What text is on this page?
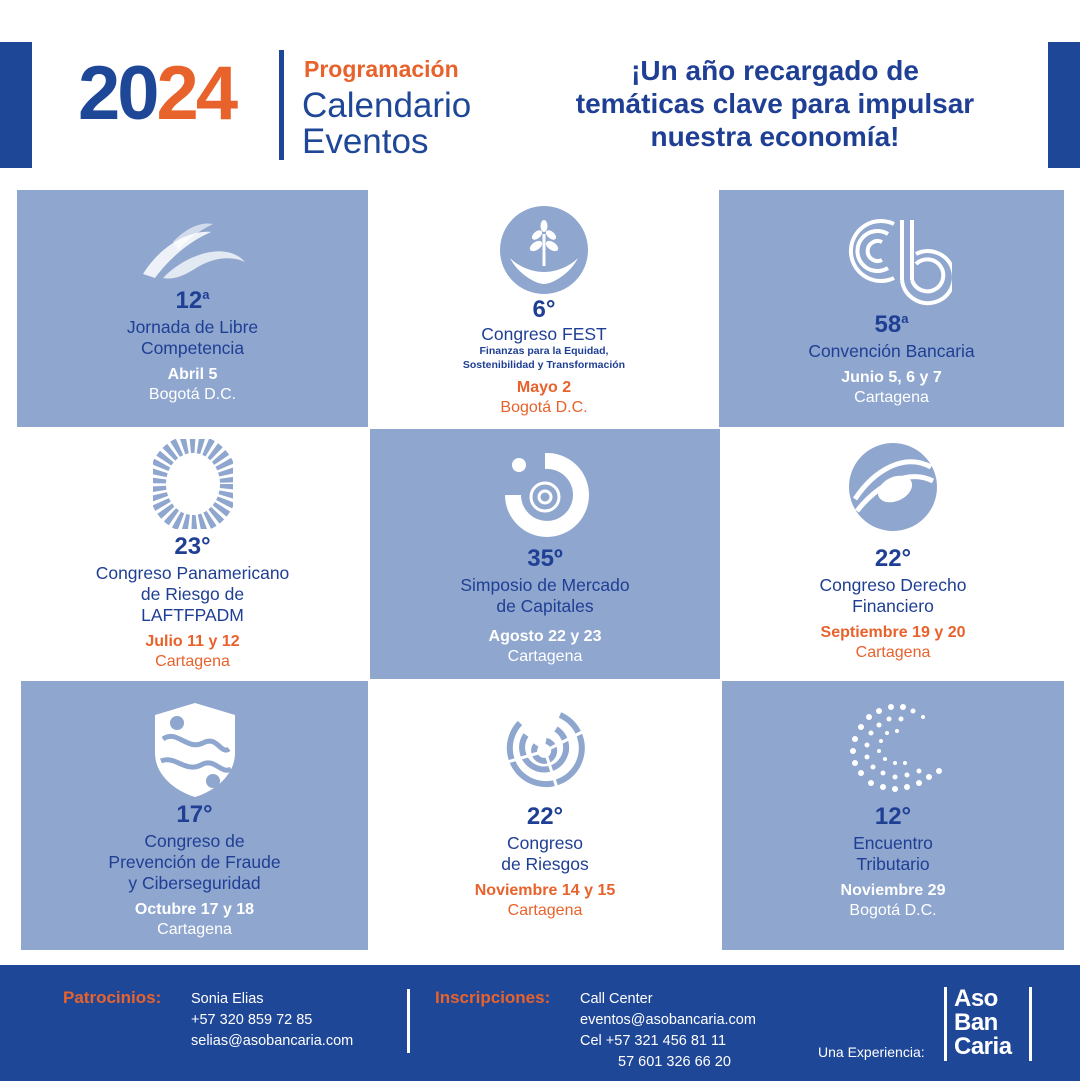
2024	Programación
Calendario
Eventos
¡Un año recargado de
temáticas clave para impulsar
nuestra economía!
12$^a$
Jornada de Libre
Competencia
Abril 5
Bogotá D.C.
6°
Congreso FEST
Finanzas para la Equidad,
Sostenibilidad y Transformación
Mayo 2
Bogotá D.C.
58$^a$
Convención Bancaria
Junio 5, 6 y 7
Cartagena
23°
Congreso Panamericano
de Riesgo de
LAFTFPADM
Julio 11 y 12
Cartagena
35º
Simposio de Mercado
de Capitales
Agosto 22 y 23
Cartagena
22°
Congreso Derecho
Financiero
Septiembre 19 y 20
Cartagena
17°
Congreso de
Prevención de Fraude
y Ciberseguridad
Octubre 17 y 18
Cartagena
22°
Congreso
de Riesgos
Noviembre 14 y 15
Cartagena
12°
Encuentro
Tributario
Noviembre 29
Bogotá D.C.
Patrocinios: Sonia Elias
+57 320 859 72 85
selias@asobancaria.com
Inscripciones: Call Center
eventos@asobancaria.com
Cel +57 321 456 81 11
57 601 326 66 20
Una Experiencia:
Aso
Ban
Caria
